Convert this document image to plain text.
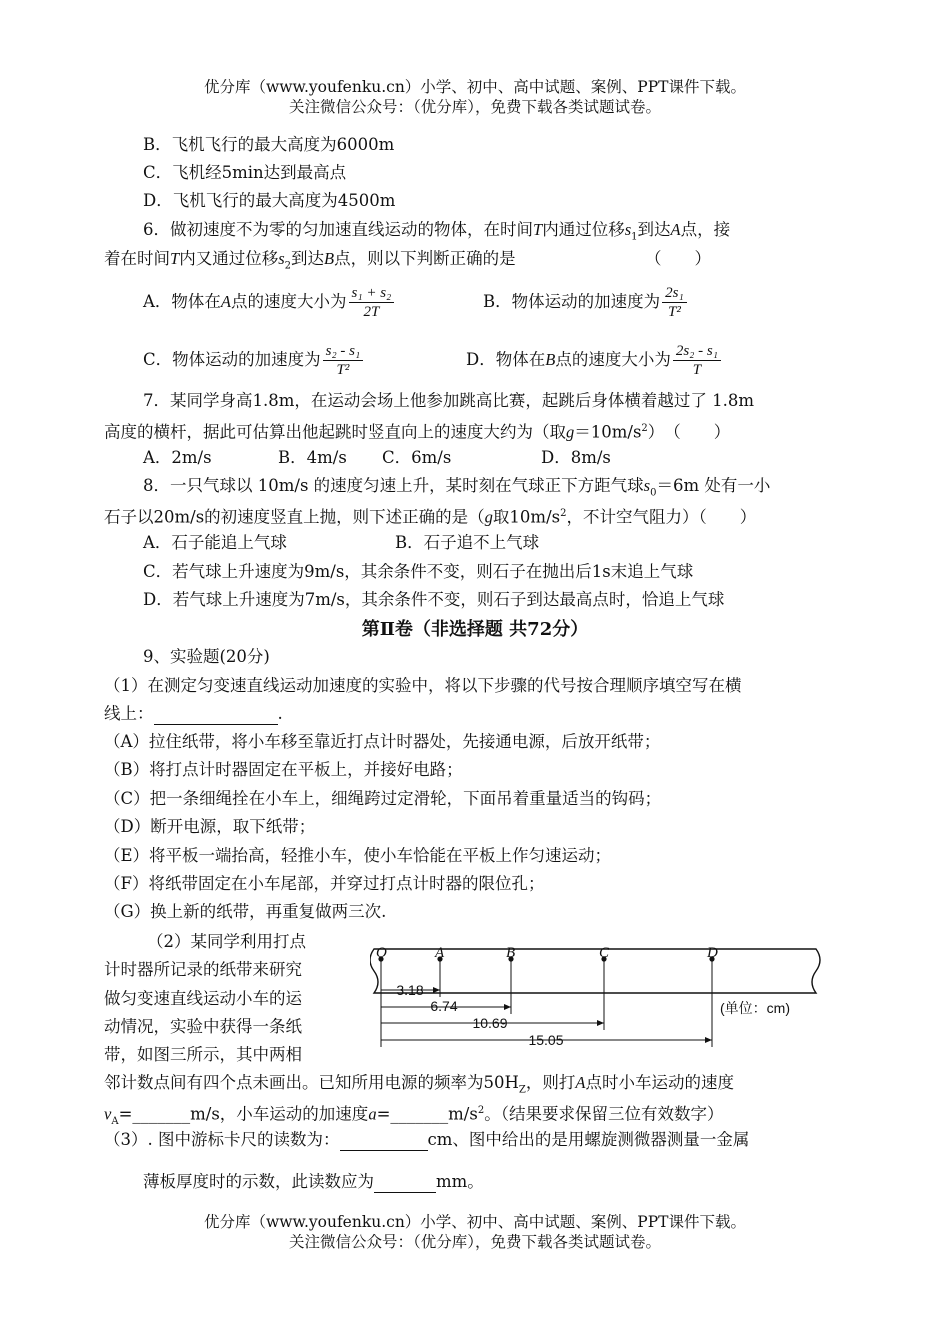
优分库（www.youfenku.cn）小学、初中、高中试题、案例、PPT课件下载。
关注微信公众号：（优分库），免费下载各类试题试卷。
B．飞机飞行的最大高度为6000m
C．飞机经5min达到最高点
D．飞机飞行的最大高度为4500m
6．做初速度不为零的匀加速直线运动的物体，在时间T内通过位移$s_1$到达A点，接
着在时间T内又通过位移$s_2$到达B点，则以下判断正确的是	（　　）
A．物体在A点的速度大小为 $\frac{\text{s₁ + s₂}}{2T}$	B．物体运动的加速度为 $\frac{\text{2s₁}}{\text{T²}}$
C．物体运动的加速度为 $\frac{\text{s₂ - s₁}}{\text{T²}}$	D．物体在B点的速度大小为 $\frac{\text{2s₂ - s₁}}{T}$
7．某同学身高1.8m，在运动会场上他参加跳高比赛，起跳后身体横着越过了 1.8m
高度的横杆，据此可估算出他起跳时竖直向上的速度大约为（取$g=10m/s^2$）　（　　）
A．2m/s	B．4m/s C．6m/s	D．8m/s
8．一只气球以 10m/s 的速度匀速上升，某时刻在气球正下方距气球$s_0=6m$ 处有一小
石子以20m/s的初速度竖直上抛，则下述正确的是（g取$10m/s^2$，不计空气阻力）（　　）
A．石子能追上气球	B．石子追不上气球
C．若气球上升速度为9m/s，其余条件不变，则石子在抛出后1s末追上气球
D．若气球上升速度为7m/s，其余条件不变，则石子到达最高点时，恰追上气球
第Ⅱ卷（非选择题 共72分）
9、实验题(20分)
（1）在测定匀变速直线运动加速度的实验中，将以下步骤的代号按合理顺序填空写在横
线上：	.
（A）拉住纸带，将小车移至靠近打点计时器处，先接通电源，后放开纸带；
（B）将打点计时器固定在平板上，并接好电路；
（C）把一条细绳拴在小车上，细绳跨过定滑轮，下面吊着重量适当的钩码；
（D）断开电源，取下纸带；
（E）将平板一端抬高，轻推小车，使小车恰能在平板上作匀速运动；
（F）将纸带固定在小车尾部，并穿过打点计时器的限位孔；
（G）换上新的纸带，再重复做两三次.
（2）某同学利用打点
计时器所记录的纸带来研究
做匀变速直线运动小车的运
动情况，实验中获得一条纸
带，如图三所示，其中两相
邻计数点间有四个点未画出。已知所用电源的频率为$50H_Z$，则打A点时小车运动的速度
$v_A=\_\_\_\_\_\_\_m/s$，小车运动的加速度$a=\_\_\_\_\_\_\_m/s^2$。（结果要求保留三位有效数字）
（3）. 图中游标卡尺的读数为：	cm、图中给出的是用螺旋测微器测量一金属
薄板厚度时的示数，此读数应为	mm。
O	A	B	C	D
3.18
6.74
10.69
15.05
(单位：cm)
优分库（www.youfenku.cn）小学、初中、高中试题、案例、PPT课件下载。
关注微信公众号：（优分库），免费下载各类试题试卷。
